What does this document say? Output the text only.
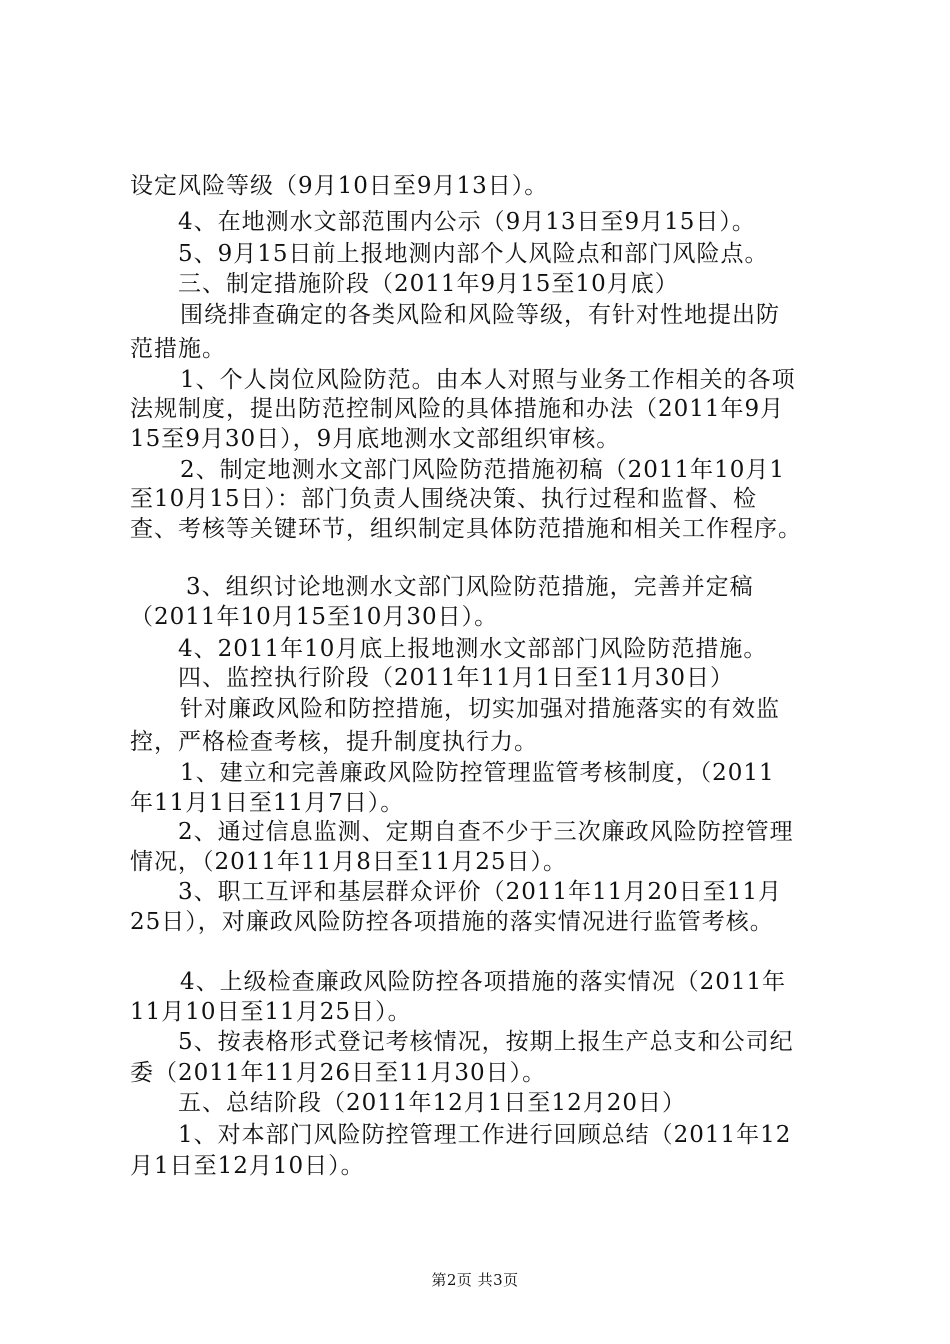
设定风险等级（9月10日至9月13日）。
4、在地测水文部范围内公示（9月13日至9月15日）。
5、9月15日前上报地测内部个人风险点和部门风险点。
三、制定措施阶段（2011年9月15至10月底）
围绕排查确定的各类风险和风险等级，有针对性地提出防
范措施。
1、个人岗位风险防范。由本人对照与业务工作相关的各项
法规制度，提出防范控制风险的具体措施和办法（2011年9月
15至9月30日），9月底地测水文部组织审核。
2、制定地测水文部门风险防范措施初稿（2011年10月1
至10月15日）：部门负责人围绕决策、执行过程和监督、检
查、考核等关键环节，组织制定具体防范措施和相关工作程序。
3、组织讨论地测水文部门风险防范措施，完善并定稿
（2011年10月15至10月30日）。
4、2011年10月底上报地测水文部部门风险防范措施。
四、监控执行阶段（2011年11月1日至11月30日）
针对廉政风险和防控措施，切实加强对措施落实的有效监
控，严格检查考核，提升制度执行力。
1、建立和完善廉政风险防控管理监管考核制度，（2011
年11月1日至11月7日）。
2、通过信息监测、定期自查不少于三次廉政风险防控管理
情况，（2011年11月8日至11月25日）。
3、职工互评和基层群众评价（2011年11月20日至11月
25日），对廉政风险防控各项措施的落实情况进行监管考核。
4、上级检查廉政风险防控各项措施的落实情况（2011年
11月10日至11月25日）。
5、按表格形式登记考核情况，按期上报生产总支和公司纪
委（2011年11月26日至11月30日）。
五、总结阶段（2011年12月1日至12月20日）
1、对本部门风险防控管理工作进行回顾总结（2011年12
月1日至12月10日）。
第2页 共3页
